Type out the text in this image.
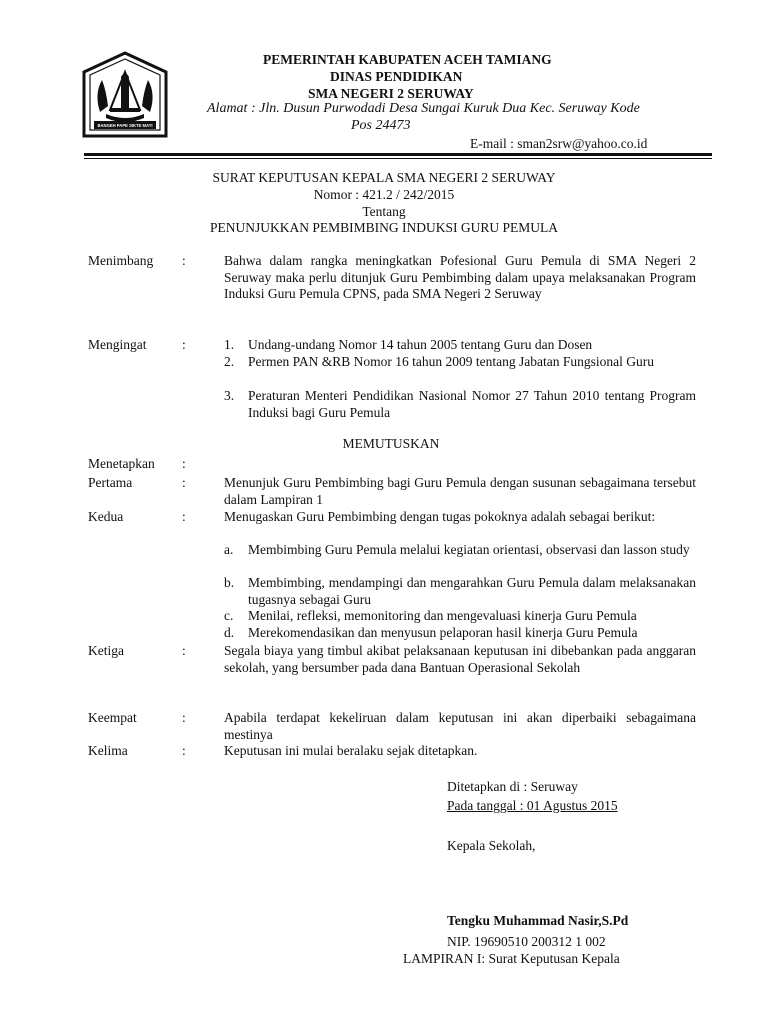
BANGEH PAPE SIKTE MATI
PEMERINTAH KABUPATEN ACEH TAMIANG
DINAS PENDIDIKAN
SMA NEGERI 2 SERUWAY
Alamat : Jln. Dusun Purwodadi Desa Sungai Kuruk Dua Kec. Seruway Kode
Pos 24473
E-mail : sman2srw@yahoo.co.id
SURAT KEPUTUSAN KEPALA SMA NEGERI 2 SERUWAY
Nomor : 421.2 / 242/2015
Tentang
PENUNJUKKAN PEMBIMBING INDUKSI GURU PEMULA
Menimbang :	Bahwa dalam rangka meningkatkan Pofesional Guru Pemula di SMA Negeri 2 Seruway maka perlu ditunjuk Guru Pembimbing dalam upaya melaksanakan Program Induksi Guru Pemula CPNS, pada SMA Negeri 2 Seruway
Mengingat	:	1. Undang-undang Nomor 14 tahun 2005 tentang Guru dan Dosen
2. Permen PAN &RB Nomor 16 tahun 2009 tentang Jabatan Fungsional Guru
3. Peraturan Menteri Pendidikan Nasional Nomor 27 Tahun 2010 tentang Program Induksi bagi Guru Pemula
MEMUTUSKAN
Menetapkan :
Pertama	:	Menunjuk Guru Pembimbing bagi Guru Pemula dengan susunan sebagaimana tersebut dalam Lampiran 1
Kedua	:	Menugaskan Guru Pembimbing dengan tugas pokoknya adalah sebagai berikut:
a. Membimbing Guru Pemula melalui kegiatan orientasi, observasi dan lasson study
b. Membimbing, mendampingi dan mengarahkan Guru Pemula dalam melaksanakan tugasnya sebagai Guru
c. Menilai, refleksi, memonitoring dan mengevaluasi kinerja Guru Pemula
d. Merekomendasikan dan menyusun pelaporan hasil kinerja Guru Pemula
Ketiga	:	Segala biaya yang timbul akibat pelaksanaan keputusan ini dibebankan pada anggaran sekolah, yang bersumber pada dana Bantuan Operasional Sekolah
Keempat	:	Apabila terdapat kekeliruan dalam keputusan ini akan diperbaiki sebagaimana mestinya
Kelima	:	Keputusan ini mulai beralaku sejak ditetapkan.
Ditetapkan di : Seruway
Pada tanggal : 01 Agustus 2015
Kepala Sekolah,
Tengku Muhammad Nasir,S.Pd
NIP. 19690510 200312 1 002
LAMPIRAN I: Surat Keputusan Kepala
